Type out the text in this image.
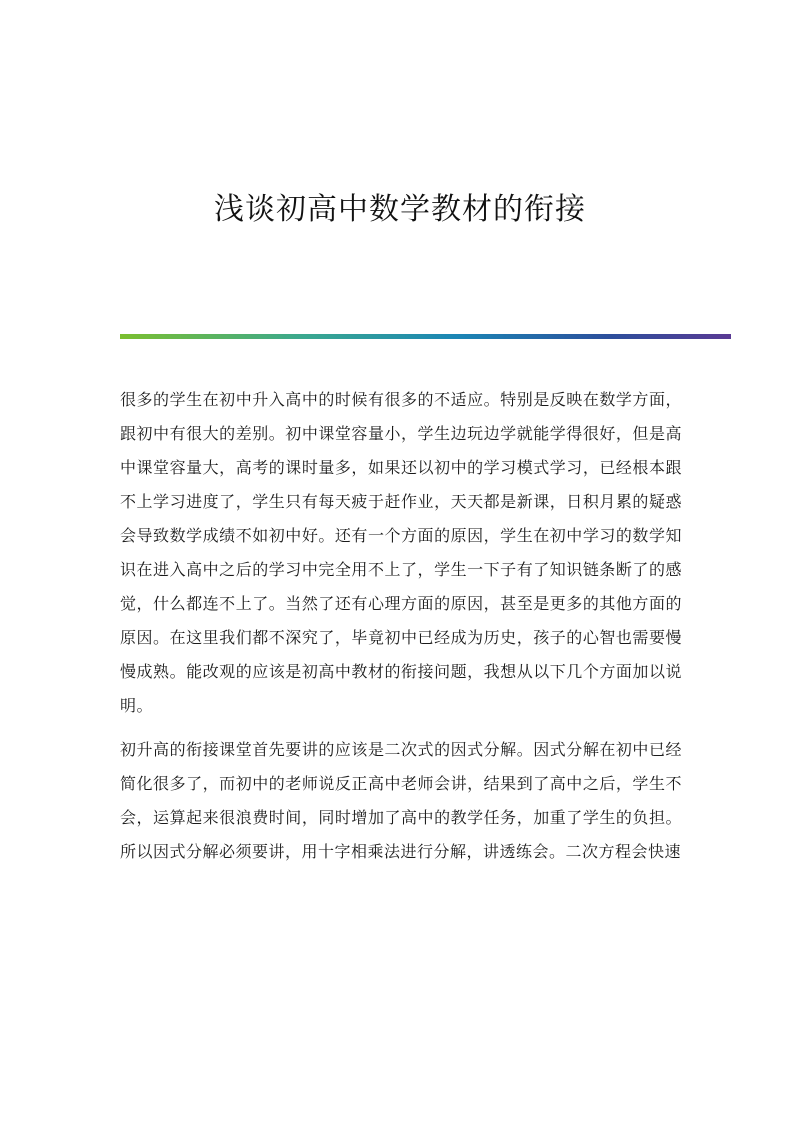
浅谈初高中数学教材的衔接

很多的学生在初中升入高中的时候有很多的不适应。特别是反映在数学方面，跟初中有很大的差别。初中课堂容量小，学生边玩边学就能学得很好，但是高中课堂容量大，高考的课时量多，如果还以初中的学习模式学习，已经根本跟不上学习进度了，学生只有每天疲于赶作业，天天都是新课，日积月累的疑惑会导致数学成绩不如初中好。还有一个方面的原因，学生在初中学习的数学知识在进入高中之后的学习中完全用不上了，学生一下子有了知识链条断了的感觉，什么都连不上了。当然了还有心理方面的原因，甚至是更多的其他方面的原因。在这里我们都不深究了，毕竟初中已经成为历史，孩子的心智也需要慢慢成熟。能改观的应该是初高中教材的衔接问题，我想从以下几个方面加以说明。

初升高的衔接课堂首先要讲的应该是二次式的因式分解。因式分解在初中已经简化很多了，而初中的老师说反正高中老师会讲，结果到了高中之后，学生不会，运算起来很浪费时间，同时增加了高中的教学任务，加重了学生的负担。所以因式分解必须要讲，用十字相乘法进行分解，讲透练会。二次方程会快速
